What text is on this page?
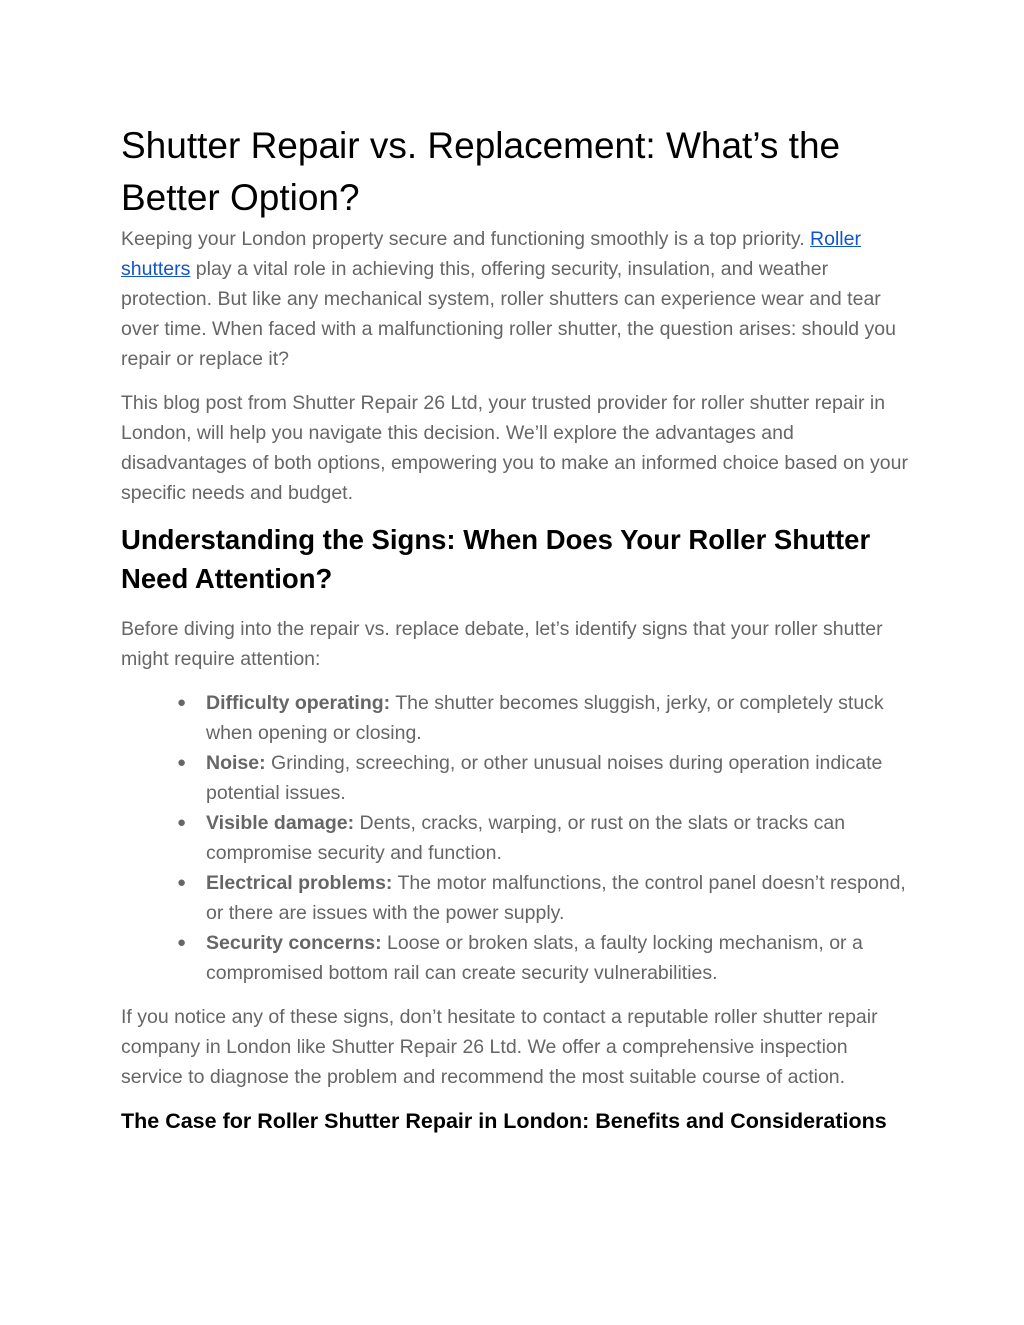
Shutter Repair vs. Replacement: What’s the Better Option?

Keeping your London property secure and functioning smoothly is a top priority. Roller shutters play a vital role in achieving this, offering security, insulation, and weather protection. But like any mechanical system, roller shutters can experience wear and tear over time. When faced with a malfunctioning roller shutter, the question arises: should you repair or replace it?

This blog post from Shutter Repair 26 Ltd, your trusted provider for roller shutter repair in London, will help you navigate this decision. We’ll explore the advantages and disadvantages of both options, empowering you to make an informed choice based on your specific needs and budget.

Understanding the Signs: When Does Your Roller Shutter Need Attention?

Before diving into the repair vs. replace debate, let’s identify signs that your roller shutter might require attention:

● Difficulty operating: The shutter becomes sluggish, jerky, or completely stuck when opening or closing.
● Noise: Grinding, screeching, or other unusual noises during operation indicate potential issues.
● Visible damage: Dents, cracks, warping, or rust on the slats or tracks can compromise security and function.
● Electrical problems: The motor malfunctions, the control panel doesn’t respond, or there are issues with the power supply.
● Security concerns: Loose or broken slats, a faulty locking mechanism, or a compromised bottom rail can create security vulnerabilities.

If you notice any of these signs, don’t hesitate to contact a reputable roller shutter repair company in London like Shutter Repair 26 Ltd. We offer a comprehensive inspection service to diagnose the problem and recommend the most suitable course of action.

The Case for Roller Shutter Repair in London: Benefits and Considerations
